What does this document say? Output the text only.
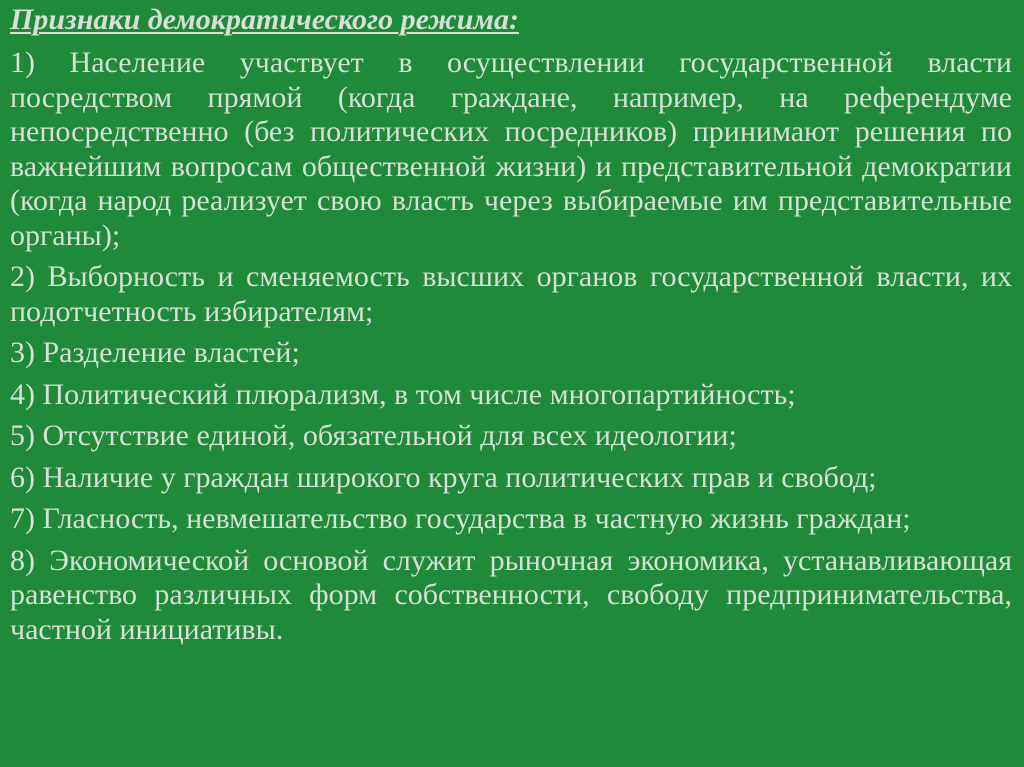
Признаки демократического режима:
1) Население участвует в осуществлении государственной власти посредством прямой (когда граждане, например, на референдуме непосредственно (без политических посредников) принимают решения по важнейшим вопросам общественной жизни) и представительной демократии (когда народ реализует свою власть через выбираемые им представительные органы);
2) Выборность и сменяемость высших органов государственной власти, их подотчетность избирателям;
3) Разделение властей;
4) Политический плюрализм, в том числе многопартийность;
5) Отсутствие единой, обязательной для всех идеологии;
6) Наличие у граждан широкого круга политических прав и свобод;
7) Гласность, невмешательство государства в частную жизнь граждан;
8) Экономической основой служит рыночная экономика, устанавливающая равенство различных форм собственности, свободу предпринимательства, частной инициативы.
